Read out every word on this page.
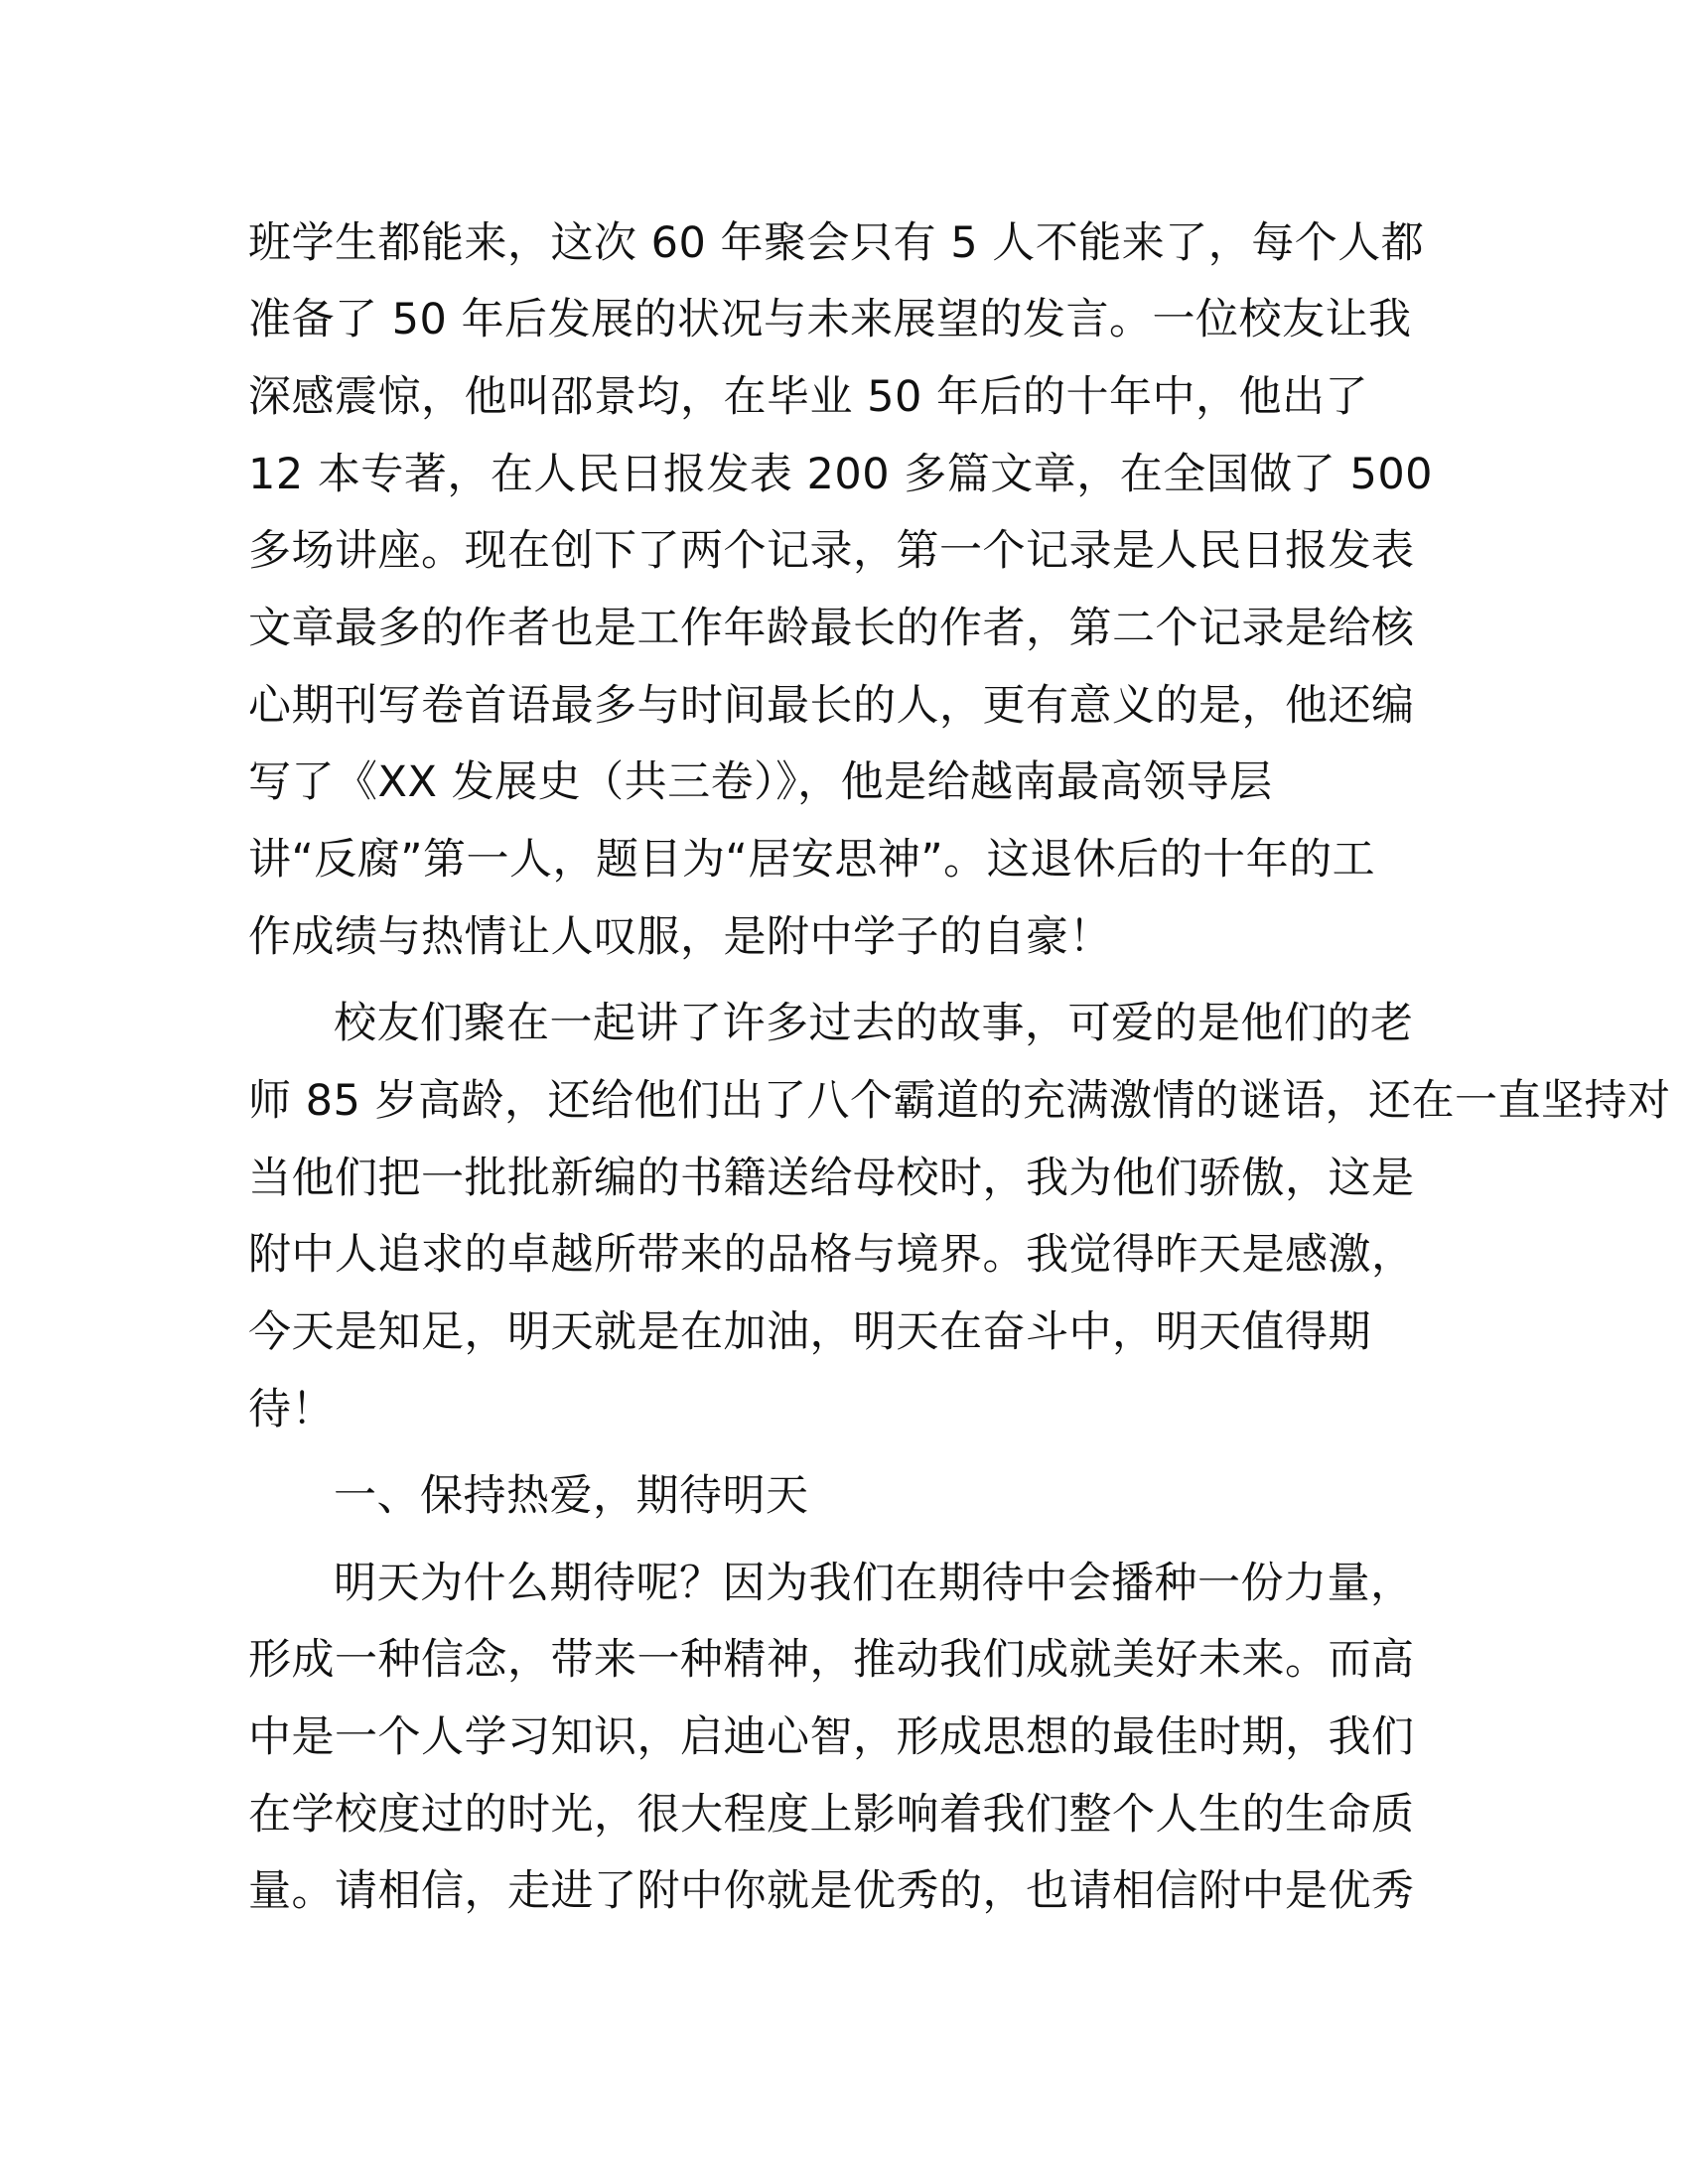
班学生都能来，这次 60 年聚会只有 5 人不能来了，每个人都
准备了 50 年后发展的状况与未来展望的发言。一位校友让我
深感震惊，他叫邵景均，在毕业 50 年后的十年中，他出了
12 本专著，在人民日报发表 200 多篇文章，在全国做了 500
多场讲座。现在创下了两个记录，第一个记录是人民日报发表
文章最多的作者也是工作年龄最长的作者，第二个记录是给核
心期刊写卷首语最多与时间最长的人，更有意义的是，他还编
写了《XX 发展史（共三卷）》，他是给越南最高领导层
讲“反腐”第一人，题目为“居安思神”。这退休后的十年的工
作成绩与热情让人叹服，是附中学子的自豪！
校友们聚在一起讲了许多过去的故事，可爱的是他们的老
师 85 岁高龄，还给他们出了八个霸道的充满激情的谜语，还在一直坚持对
当他们把一批批新编的书籍送给母校时，我为他们骄傲，这是
附中人追求的卓越所带来的品格与境界。我觉得昨天是感激，
今天是知足，明天就是在加油，明天在奋斗中，明天值得期
待！
一、保持热爱，期待明天
明天为什么期待呢？因为我们在期待中会播种一份力量，
形成一种信念，带来一种精神，推动我们成就美好未来。而高
中是一个人学习知识，启迪心智，形成思想的最佳时期，我们
在学校度过的时光，很大程度上影响着我们整个人生的生命质
量。请相信，走进了附中你就是优秀的，也请相信附中是优秀
